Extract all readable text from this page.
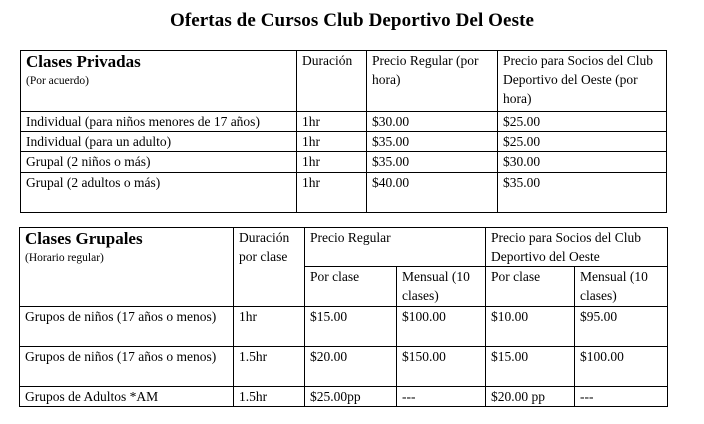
Ofertas de Cursos Club Deportivo Del Oeste
Clases Privadas
(Por acuerdo)	Duración	Precio Regular (por hora)	Precio para Socios del Club Deportivo del Oeste (por hora)
Individual (para niños menores de 17 años)	1hr	$30.00	$25.00
Individual (para un adulto)	1hr	$35.00	$25.00
Grupal (2 niños o más)	1hr	$35.00	$30.00
Grupal (2 adultos o más)	1hr	$40.00	$35.00
Clases Grupales
(Horario regular)	Duración por clase	Precio Regular		Precio para Socios del Club Deportivo del Oeste	
		Por clase	Mensual (10 clases)	Por clase	Mensual (10 clases)
Grupos de niños (17 años o menos)	1hr	$15.00	$100.00	$10.00	$95.00
Grupos de niños (17 años o menos)	1.5hr	$20.00	$150.00	$15.00	$100.00
Grupos de Adultos *AM	1.5hr	$25.00pp	---	$20.00 pp	---
